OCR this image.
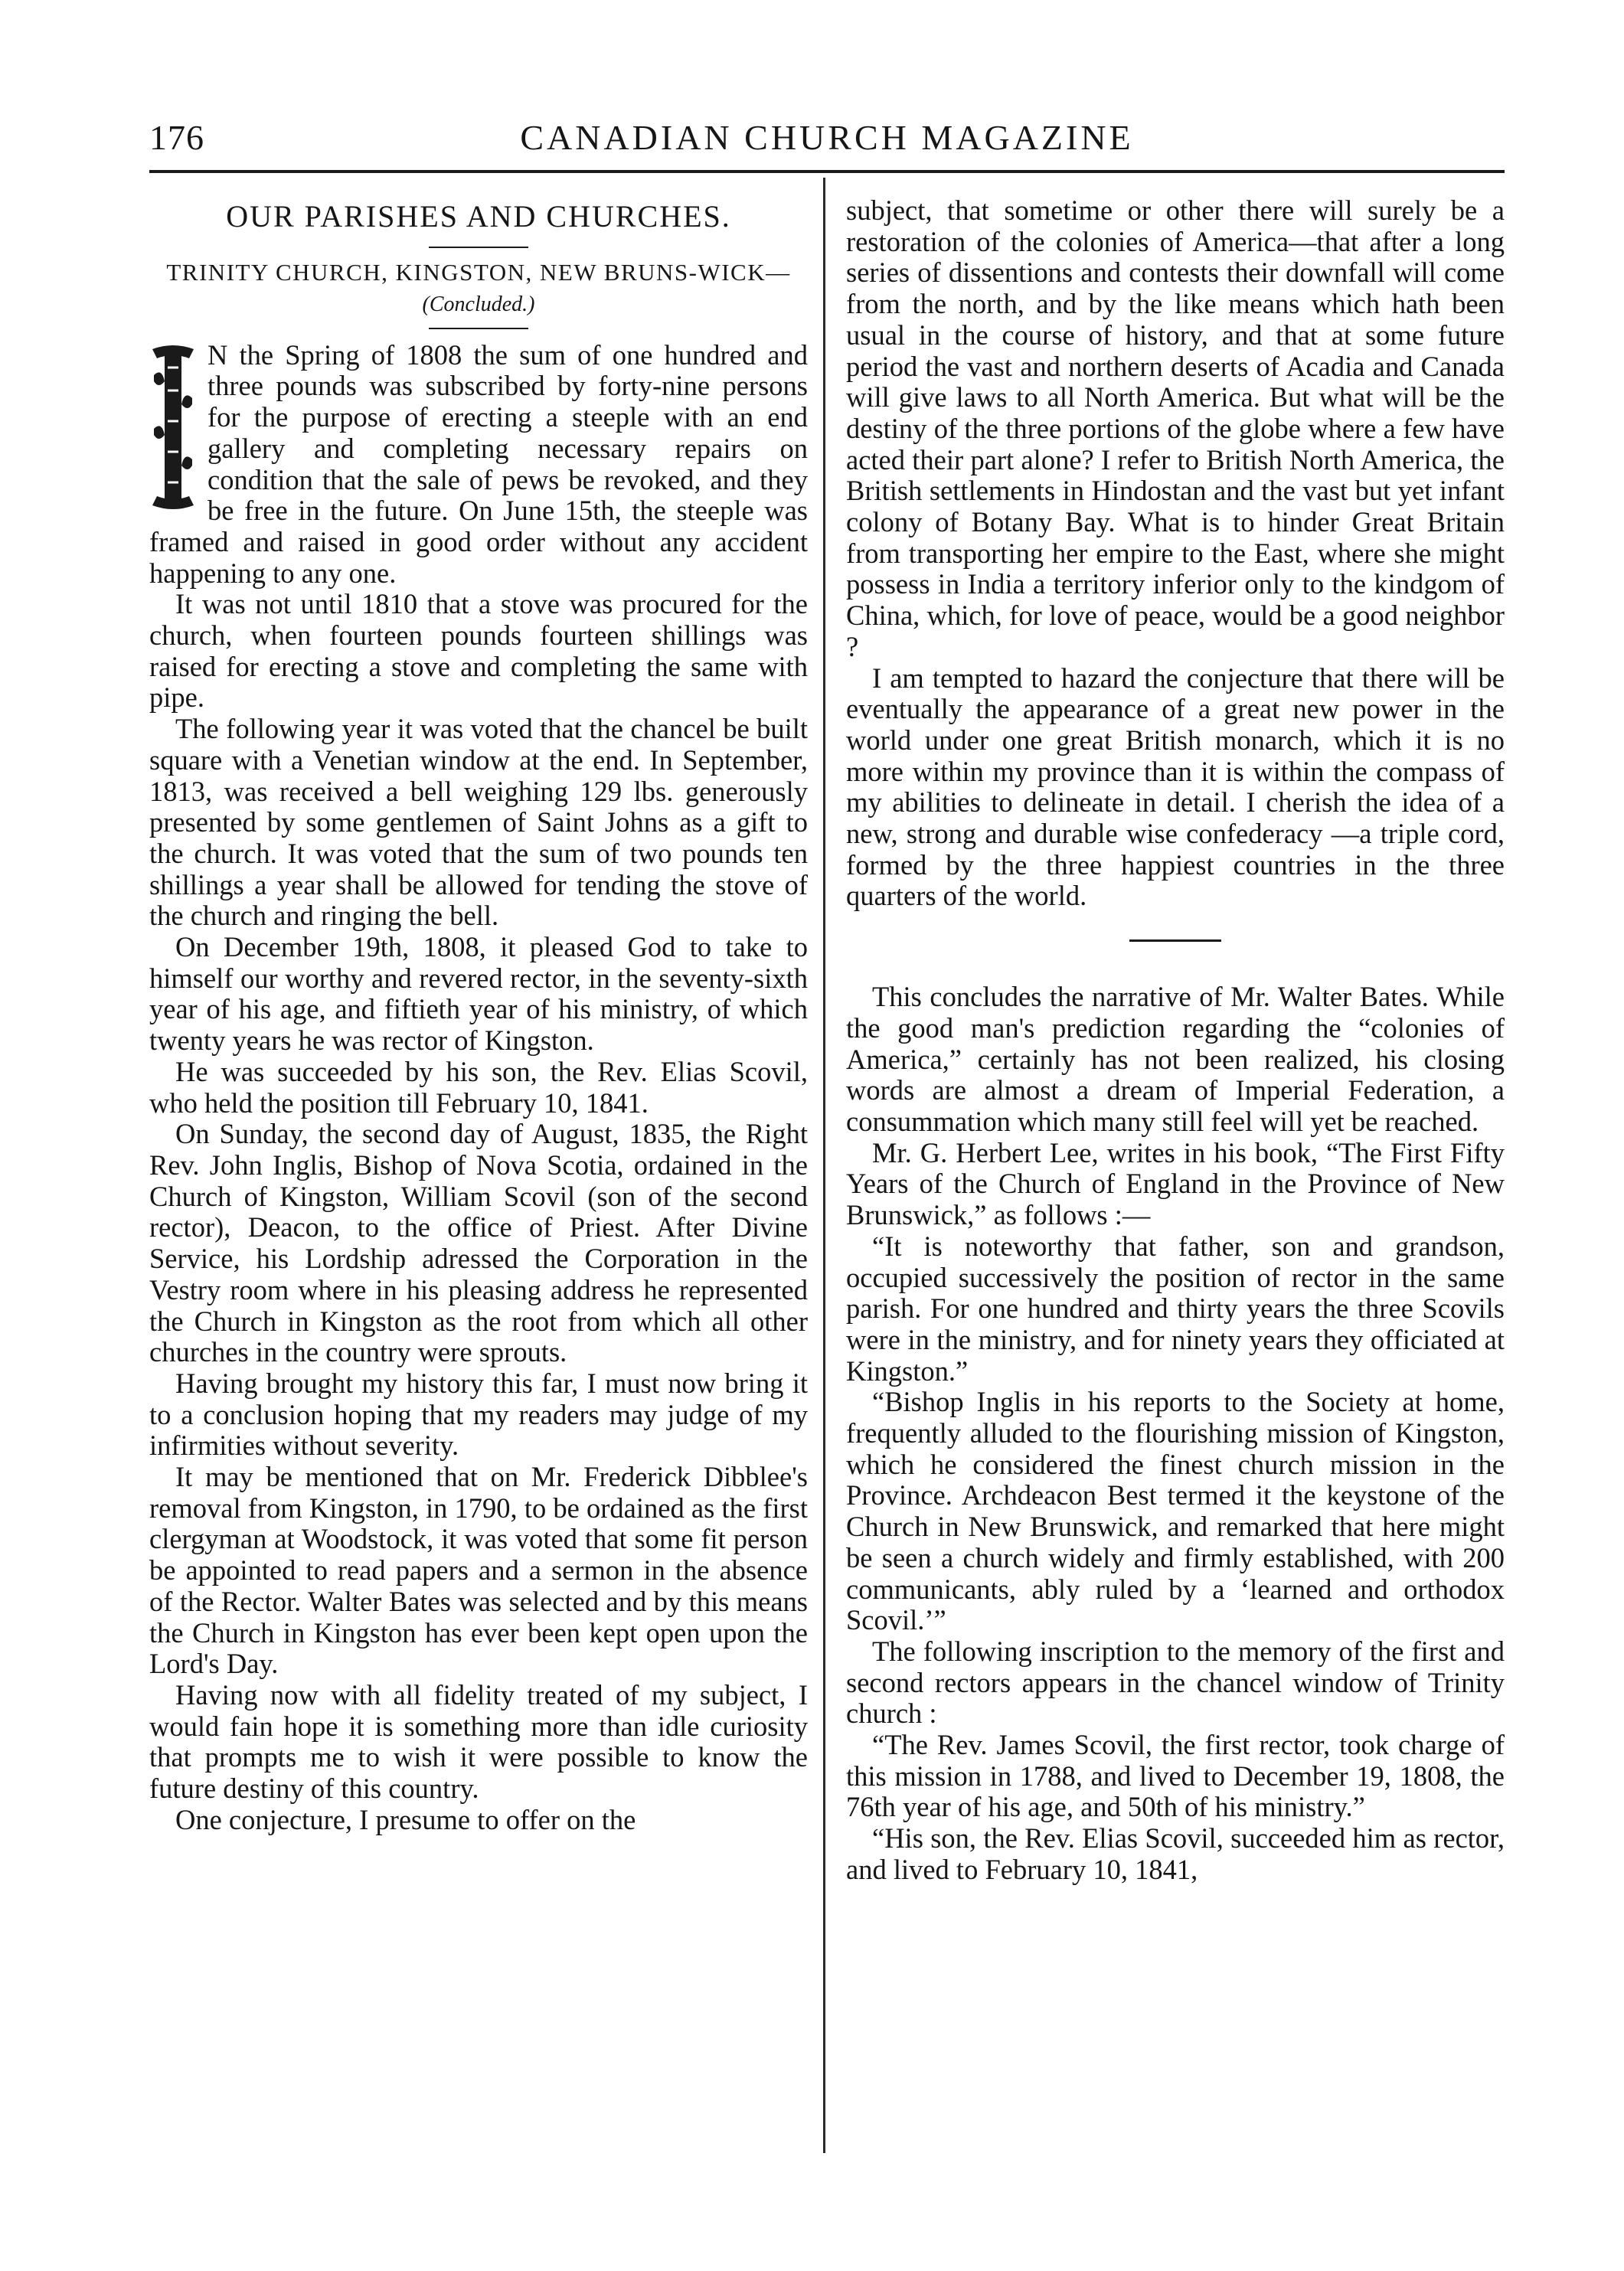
176	CANADIAN CHURCH MAGAZINE
OUR PARISHES AND CHURCHES.
TRINITY CHURCH, KINGSTON, NEW BRUNS-WICK—(Concluded.)

N the Spring of 1808 the sum of one hundred and three pounds was subscribed by forty-nine persons for the purpose of erecting a steeple with an end gallery and completing necessary repairs on condition that the sale of pews be revoked, and they be free in the future. On June 15th, the steeple was framed and raised in good order without any accident happening to any one.

It was not until 1810 that a stove was procured for the church, when fourteen pounds fourteen shillings was raised for erecting a stove and completing the same with pipe.

The following year it was voted that the chancel be built square with a Venetian window at the end. In September, 1813, was received a bell weighing 129 lbs. generously presented by some gentlemen of Saint Johns as a gift to the church. It was voted that the sum of two pounds ten shillings a year shall be allowed for tending the stove of the church and ringing the bell.

On December 19th, 1808, it pleased God to take to himself our worthy and revered rector, in the seventy-sixth year of his age, and fiftieth year of his ministry, of which twenty years he was rector of Kingston.

He was succeeded by his son, the Rev. Elias Scovil, who held the position till February 10, 1841.

On Sunday, the second day of August, 1835, the Right Rev. John Inglis, Bishop of Nova Scotia, ordained in the Church of Kingston, William Scovil (son of the second rector), Deacon, to the office of Priest. After Divine Service, his Lordship adressed the Corporation in the Vestry room where in his pleasing address he represented the Church in Kingston as the root from which all other churches in the country were sprouts.

Having brought my history this far, I must now bring it to a conclusion hoping that my readers may judge of my infirmities without severity.

It may be mentioned that on Mr. Frederick Dibblee's removal from Kingston, in 1790, to be ordained as the first clergyman at Woodstock, it was voted that some fit person be appointed to read papers and a sermon in the absence of the Rector. Walter Bates was selected and by this means the Church in Kingston has ever been kept open upon the Lord's Day.

Having now with all fidelity treated of my subject, I would fain hope it is something more than idle curiosity that prompts me to wish it were possible to know the future destiny of this country.

One conjecture, I presume to offer on the

subject, that sometime or other there will surely be a restoration of the colonies of America—that after a long series of dissentions and contests their downfall will come from the north, and by the like means which hath been usual in the course of history, and that at some future period the vast and northern deserts of Acadia and Canada will give laws to all North America. But what will be the destiny of the three portions of the globe where a few have acted their part alone? I refer to British North America, the British settlements in Hindostan and the vast but yet infant colony of Botany Bay. What is to hinder Great Britain from transporting her empire to the East, where she might possess in India a territory inferior only to the kindgom of China, which, for love of peace, would be a good neighbor ?

I am tempted to hazard the conjecture that there will be eventually the appearance of a great new power in the world under one great British monarch, which it is no more within my province than it is within the compass of my abilities to delineate in detail. I cherish the idea of a new, strong and durable wise confederacy —a triple cord, formed by the three happiest countries in the three quarters of the world.

This concludes the narrative of Mr. Walter Bates. While the good man's prediction regarding the “colonies of America,” certainly has not been realized, his closing words are almost a dream of Imperial Federation, a consummation which many still feel will yet be reached.

Mr. G. Herbert Lee, writes in his book, “The First Fifty Years of the Church of England in the Province of New Brunswick,” as follows :—

“It is noteworthy that father, son and grandson, occupied successively the position of rector in the same parish. For one hundred and thirty years the three Scovils were in the ministry, and for ninety years they officiated at Kingston.”

“Bishop Inglis in his reports to the Society at home, frequently alluded to the flourishing mission of Kingston, which he considered the finest church mission in the Province. Archdeacon Best termed it the keystone of the Church in New Brunswick, and remarked that here might be seen a church widely and firmly established, with 200 communicants, ably ruled by a ‘learned and orthodox Scovil.’”

The following inscription to the memory of the first and second rectors appears in the chancel window of Trinity church :

“The Rev. James Scovil, the first rector, took charge of this mission in 1788, and lived to December 19, 1808, the 76th year of his age, and 50th of his ministry.”

“His son, the Rev. Elias Scovil, succeeded him as rector, and lived to February 10, 1841,
